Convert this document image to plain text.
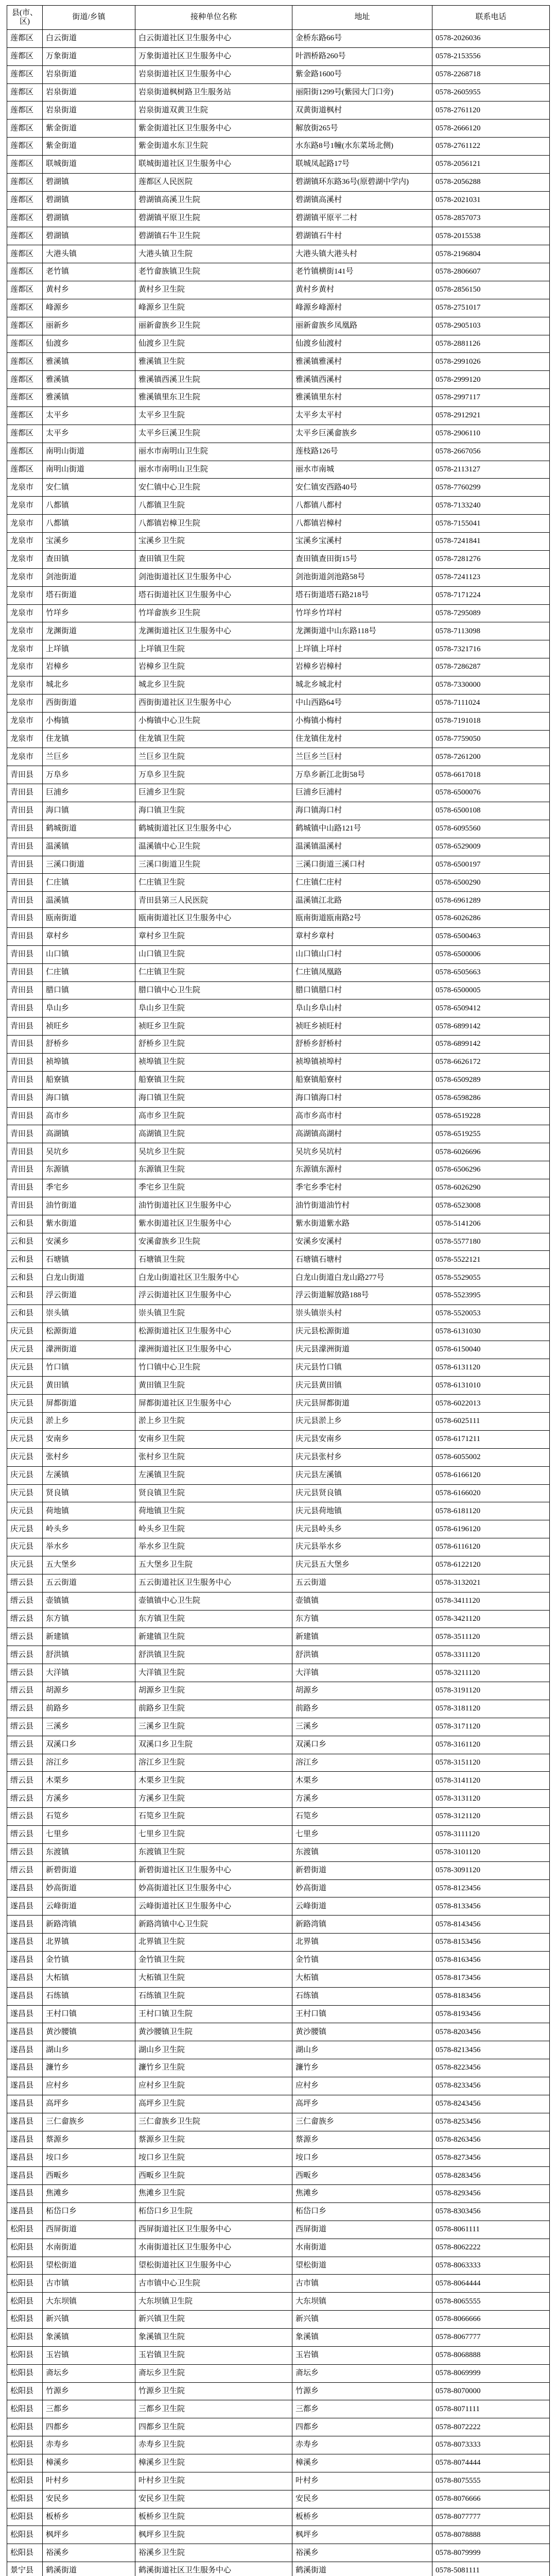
县(市、区)	街道/乡镇	接种单位名称	地址	联系电话
莲都区	白云街道	白云街道社区卫生服务中心	金桥东路66号	0578-2026036
莲都区	万象街道	万象街道社区卫生服务中心	叶泗桥路260号	0578-2153556
莲都区	岩泉街道	岩泉街道社区卫生服务中心	紫金路1600号	0578-2268718
莲都区	岩泉街道	岩泉街道枫树路卫生服务站	丽阳街1299号(紫园大门口旁)	0578-2605955
莲都区	岩泉街道	岩泉街道双黄卫生院	双黄街道枫村	0578-2761120
莲都区	紫金街道	紫金街道社区卫生服务中心	解放街265号	0578-2666120
莲都区	紫金街道	紫金街道水东卫生院	水东路8号1幢(水东菜场北侧)	0578-2761122
莲都区	联城街道	联城街道社区卫生服务中心	联城凤起路17号	0578-2056121
莲都区	碧湖镇	莲都区人民医院	碧湖镇环东路36号(原碧湖中学内)	0578-2056288
莲都区	碧湖镇	碧湖镇高溪卫生院	碧湖镇高溪村	0578-2021031
莲都区	碧湖镇	碧湖镇平原卫生院	碧湖镇平原平二村	0578-2857073
莲都区	碧湖镇	碧湖镇石牛卫生院	碧湖镇石牛村	0578-2015538
莲都区	大港头镇	大港头镇卫生院	大港头镇大港头村	0578-2196804
莲都区	老竹镇	老竹畲族镇卫生院	老竹镇横街141号	0578-2806607
莲都区	黄村乡	黄村乡卫生院	黄村乡黄村	0578-2856150
莲都区	峰源乡	峰源乡卫生院	峰源乡峰源村	0578-2751017
莲都区	丽新乡	丽新畲族乡卫生院	丽新畲族乡凤凰路	0578-2905103
莲都区	仙渡乡	仙渡乡卫生院	仙渡乡仙渡村	0578-2881126
莲都区	雅溪镇	雅溪镇卫生院	雅溪镇雅溪村	0578-2991026
莲都区	雅溪镇	雅溪镇西溪卫生院	雅溪镇西溪村	0578-2999120
莲都区	雅溪镇	雅溪镇里东卫生院	雅溪镇里东村	0578-2997117
莲都区	太平乡	太平乡卫生院	太平乡太平村	0578-2912921
莲都区	太平乡	太平乡巨溪卫生院	太平乡巨溪畲族乡	0578-2906110
莲都区	南明山街道	丽水市南明山卫生院	莲枝路126号	0578-2667056
莲都区	南明山街道	丽水市南明山卫生院	丽水市南城	0578-2113127
龙泉市	安仁镇	安仁镇中心卫生院	安仁镇安西路40号	0578-7760299
龙泉市	八都镇	八都镇卫生院	八都镇八都村	0578-7133240
龙泉市	八都镇	八都镇岩樟卫生院	八都镇岩樟村	0578-7155041
龙泉市	宝溪乡	宝溪乡卫生院	宝溪乡宝溪村	0578-7241841
龙泉市	查田镇	查田镇卫生院	查田镇查田街15号	0578-7281276
龙泉市	剑池街道	剑池街道社区卫生服务中心	剑池街道剑池路58号	0578-7241123
龙泉市	塔石街道	塔石街道社区卫生服务中心	塔石街道塔石路218号	0578-7171224
龙泉市	竹垟乡	竹垟畲族乡卫生院	竹垟乡竹垟村	0578-7295089
龙泉市	龙渊街道	龙渊街道社区卫生服务中心	龙渊街道中山东路118号	0578-7113098
龙泉市	上垟镇	上垟镇卫生院	上垟镇上垟村	0578-7321716
龙泉市	岩樟乡	岩樟乡卫生院	岩樟乡岩樟村	0578-7286287
龙泉市	城北乡	城北乡卫生院	城北乡城北村	0578-7330000
龙泉市	西街街道	西街街道社区卫生服务中心	中山西路64号	0578-7111024
龙泉市	小梅镇	小梅镇中心卫生院	小梅镇小梅村	0578-7191018
龙泉市	住龙镇	住龙镇卫生院	住龙镇住龙村	0578-7759050
龙泉市	兰巨乡	兰巨乡卫生院	兰巨乡兰巨村	0578-7261200
青田县	万阜乡	万阜乡卫生院	万阜乡新江北街58号	0578-6617018
青田县	巨浦乡	巨浦乡卫生院	巨浦乡巨浦村	0578-6500076
青田县	海口镇	海口镇卫生院	海口镇海口村	0578-6500108
青田县	鹤城街道	鹤城街道社区卫生服务中心	鹤城镇中山路121号	0578-6095560
青田县	温溪镇	温溪镇中心卫生院	温溪镇温溪村	0578-6529009
青田县	三溪口街道	三溪口街道卫生院	三溪口街道三溪口村	0578-6500197
青田县	仁庄镇	仁庄镇卫生院	仁庄镇仁庄村	0578-6500290
青田县	温溪镇	青田县第三人民医院	温溪镇江北路	0578-6961289
青田县	瓯南街道	瓯南街道社区卫生服务中心	瓯南街道瓯南路2号	0578-6026286
青田县	章村乡	章村乡卫生院	章村乡章村	0578-6500463
青田县	山口镇	山口镇卫生院	山口镇山口村	0578-6500006
青田县	仁庄镇	仁庄镇卫生院	仁庄镇凤凰路	0578-6505663
青田县	腊口镇	腊口镇中心卫生院	腊口镇腊口村	0578-6500005
青田县	阜山乡	阜山乡卫生院	阜山乡阜山村	0578-6509412
青田县	祯旺乡	祯旺乡卫生院	祯旺乡祯旺村	0578-6899142
青田县	舒桥乡	舒桥乡卫生院	舒桥乡舒桥村	0578-6899142
青田县	祯埠镇	祯埠镇卫生院	祯埠镇祯埠村	0578-6626172
青田县	船寮镇	船寮镇卫生院	船寮镇船寮村	0578-6509289
青田县	海口镇	海口镇卫生院	海口镇海口村	0578-6598286
青田县	高市乡	高市乡卫生院	高市乡高市村	0578-6519228
青田县	高湖镇	高湖镇卫生院	高湖镇高湖村	0578-6519255
青田县	吴坑乡	吴坑乡卫生院	吴坑乡吴坑村	0578-6026696
青田县	东源镇	东源镇卫生院	东源镇东源村	0578-6506296
青田县	季宅乡	季宅乡卫生院	季宅乡季宅村	0578-6026290
青田县	油竹街道	油竹街道社区卫生服务中心	油竹街道油竹村	0578-6523008
云和县	紫水街道	紫水街道社区卫生服务中心	紫水街道紫水路	0578-5141206
云和县	安溪乡	安溪畲族乡卫生院	安溪乡安溪村	0578-5577180
云和县	石塘镇	石塘镇卫生院	石塘镇石塘村	0578-5522121
云和县	白龙山街道	白龙山街道社区卫生服务中心	白龙山街道白龙山路277号	0578-5529055
云和县	浮云街道	浮云街道社区卫生服务中心	浮云街道解放路188号	0578-5523995
云和县	崇头镇	崇头镇卫生院	崇头镇崇头村	0578-5520053
庆元县	松源街道	松源街道社区卫生服务中心	庆元县松源街道	0578-6131030
庆元县	濛洲街道	濛洲街道社区卫生服务中心	庆元县濛洲街道	0578-6150040
庆元县	竹口镇	竹口镇中心卫生院	庆元县竹口镇	0578-6131120
庆元县	黄田镇	黄田镇卫生院	庆元县黄田镇	0578-6131010
庆元县	屏都街道	屏都街道社区卫生服务中心	庆元县屏都街道	0578-6022013
庆元县	淤上乡	淤上乡卫生院	庆元县淤上乡	0578-6025111
庆元县	安南乡	安南乡卫生院	庆元县安南乡	0578-6171211
庆元县	张村乡	张村乡卫生院	庆元县张村乡	0578-6055002
庆元县	左溪镇	左溪镇卫生院	庆元县左溪镇	0578-6166120
庆元县	贤良镇	贤良镇卫生院	庆元县贤良镇	0578-6166020
庆元县	荷地镇	荷地镇卫生院	庆元县荷地镇	0578-6181120
庆元县	岭头乡	岭头乡卫生院	庆元县岭头乡	0578-6196120
庆元县	举水乡	举水乡卫生院	庆元县举水乡	0578-6116120
庆元县	五大堡乡	五大堡乡卫生院	庆元县五大堡乡	0578-6122120
缙云县	五云街道	五云街道社区卫生服务中心	五云街道	0578-3132021
缙云县	壶镇镇	壶镇镇中心卫生院	壶镇镇	0578-3411120
缙云县	东方镇	东方镇卫生院	东方镇	0578-3421120
缙云县	新建镇	新建镇卫生院	新建镇	0578-3511120
缙云县	舒洪镇	舒洪镇卫生院	舒洪镇	0578-3311120
缙云县	大洋镇	大洋镇卫生院	大洋镇	0578-3211120
缙云县	胡源乡	胡源乡卫生院	胡源乡	0578-3191120
缙云县	前路乡	前路乡卫生院	前路乡	0578-3181120
缙云县	三溪乡	三溪乡卫生院	三溪乡	0578-3171120
缙云县	双溪口乡	双溪口乡卫生院	双溪口乡	0578-3161120
缙云县	溶江乡	溶江乡卫生院	溶江乡	0578-3151120
缙云县	木栗乡	木栗乡卫生院	木栗乡	0578-3141120
缙云县	方溪乡	方溪乡卫生院	方溪乡	0578-3131120
缙云县	石笕乡	石笕乡卫生院	石笕乡	0578-3121120
缙云县	七里乡	七里乡卫生院	七里乡	0578-3111120
缙云县	东渡镇	东渡镇卫生院	东渡镇	0578-3101120
缙云县	新碧街道	新碧街道社区卫生服务中心	新碧街道	0578-3091120
遂昌县	妙高街道	妙高街道社区卫生服务中心	妙高街道	0578-8123456
遂昌县	云峰街道	云峰街道社区卫生服务中心	云峰街道	0578-8133456
遂昌县	新路湾镇	新路湾镇中心卫生院	新路湾镇	0578-8143456
遂昌县	北界镇	北界镇卫生院	北界镇	0578-8153456
遂昌县	金竹镇	金竹镇卫生院	金竹镇	0578-8163456
遂昌县	大柘镇	大柘镇卫生院	大柘镇	0578-8173456
遂昌县	石练镇	石练镇卫生院	石练镇	0578-8183456
遂昌县	王村口镇	王村口镇卫生院	王村口镇	0578-8193456
遂昌县	黄沙腰镇	黄沙腰镇卫生院	黄沙腰镇	0578-8203456
遂昌县	湖山乡	湖山乡卫生院	湖山乡	0578-8213456
遂昌县	濂竹乡	濂竹乡卫生院	濂竹乡	0578-8223456
遂昌县	应村乡	应村乡卫生院	应村乡	0578-8233456
遂昌县	高坪乡	高坪乡卫生院	高坪乡	0578-8243456
遂昌县	三仁畲族乡	三仁畲族乡卫生院	三仁畲族乡	0578-8253456
遂昌县	蔡源乡	蔡源乡卫生院	蔡源乡	0578-8263456
遂昌县	垵口乡	垵口乡卫生院	垵口乡	0578-8273456
遂昌县	西畈乡	西畈乡卫生院	西畈乡	0578-8283456
遂昌县	焦滩乡	焦滩乡卫生院	焦滩乡	0578-8293456
遂昌县	柘岱口乡	柘岱口乡卫生院	柘岱口乡	0578-8303456
松阳县	西屏街道	西屏街道社区卫生服务中心	西屏街道	0578-8061111
松阳县	水南街道	水南街道社区卫生服务中心	水南街道	0578-8062222
松阳县	望松街道	望松街道社区卫生服务中心	望松街道	0578-8063333
松阳县	古市镇	古市镇中心卫生院	古市镇	0578-8064444
松阳县	大东坝镇	大东坝镇卫生院	大东坝镇	0578-8065555
松阳县	新兴镇	新兴镇卫生院	新兴镇	0578-8066666
松阳县	象溪镇	象溪镇卫生院	象溪镇	0578-8067777
松阳县	玉岩镇	玉岩镇卫生院	玉岩镇	0578-8068888
松阳县	斋坛乡	斋坛乡卫生院	斋坛乡	0578-8069999
松阳县	竹源乡	竹源乡卫生院	竹源乡	0578-8070000
松阳县	三都乡	三都乡卫生院	三都乡	0578-8071111
松阳县	四都乡	四都乡卫生院	四都乡	0578-8072222
松阳县	赤寿乡	赤寿乡卫生院	赤寿乡	0578-8073333
松阳县	樟溪乡	樟溪乡卫生院	樟溪乡	0578-8074444
松阳县	叶村乡	叶村乡卫生院	叶村乡	0578-8075555
松阳县	安民乡	安民乡卫生院	安民乡	0578-8076666
松阳县	板桥乡	板桥乡卫生院	板桥乡	0578-8077777
松阳县	枫坪乡	枫坪乡卫生院	枫坪乡	0578-8078888
松阳县	裕溪乡	裕溪乡卫生院	裕溪乡	0578-8079999
景宁县	鹤溪街道	鹤溪街道社区卫生服务中心	鹤溪街道	0578-5081111
